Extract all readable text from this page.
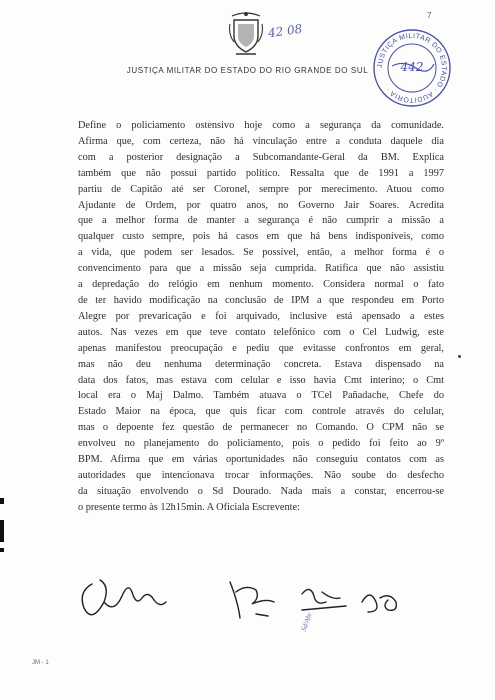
42 08
7
JUSTIÇA MILITAR DO ESTADO DO RIO GRANDE DO SUL
JUSTIÇA MILITAR DO ESTADO · AUDITORIA ·
442
Define o policiamento ostensivo hoje como a segurança da comunidade.
Afirma que, com certeza, não há vinculação entre a conduta daquele dia
com a posterior designação a Subcomandante-Geral da BM. Explica
também que não possui partido político. Ressalta que de 1991 a 1997
partiu de Capitão até ser Coronel, sempre por merecimento. Atuou como
Ajudante de Ordem, por quatro anos, no Governo Jair Soares. Acredita
que a melhor forma de manter a segurança é não cumprir a missão a
qualquer custo sempre, pois há casos em que há bens indisponíveis, como
a vida, que podem ser lesados. Se possível, então, a melhor forma é o
convencimento para que a missão seja cumprida. Ratifica que não assistiu
a depredação do relógio em nenhum momento. Considera normal o fato
de ter havido modificação na conclusão de IPM a que respondeu em Porto
Alegre por prevaricação e foi arquivado, inclusive está apensado a estes
autos. Nas vezes em que teve contato telefônico com o Cel Ludwig, este
apenas manifestou preocupação e pediu que evitasse confrontos em geral,
mas não deu nenhuma determinação concreta. Estava dispensado na
data dos fatos, mas estava com celular e isso havia Cmt interino; o Cmt
local era o Maj Dalmo. Também atuava o TCel Pañadache, Chefe do
Estado Maior na época, que quis ficar com controle através do celular,
mas o depoente fez questão de permanecer no Comando. O CPM não se
envolveu no planejamento do policiamento, pois o pedido foi feito ao 9º
BPM. Afirma que em várias oportunidades não conseguiu contatos com as
autoridades que intencionava trocar informações. Não soube do desfecho
da situação envolvendo o Sd Dourado. Nada mais a constar, encerrou-se
o presente termo às 12h15min. A Oficiala Escrevente:
Sd/Abr
JM - 1
